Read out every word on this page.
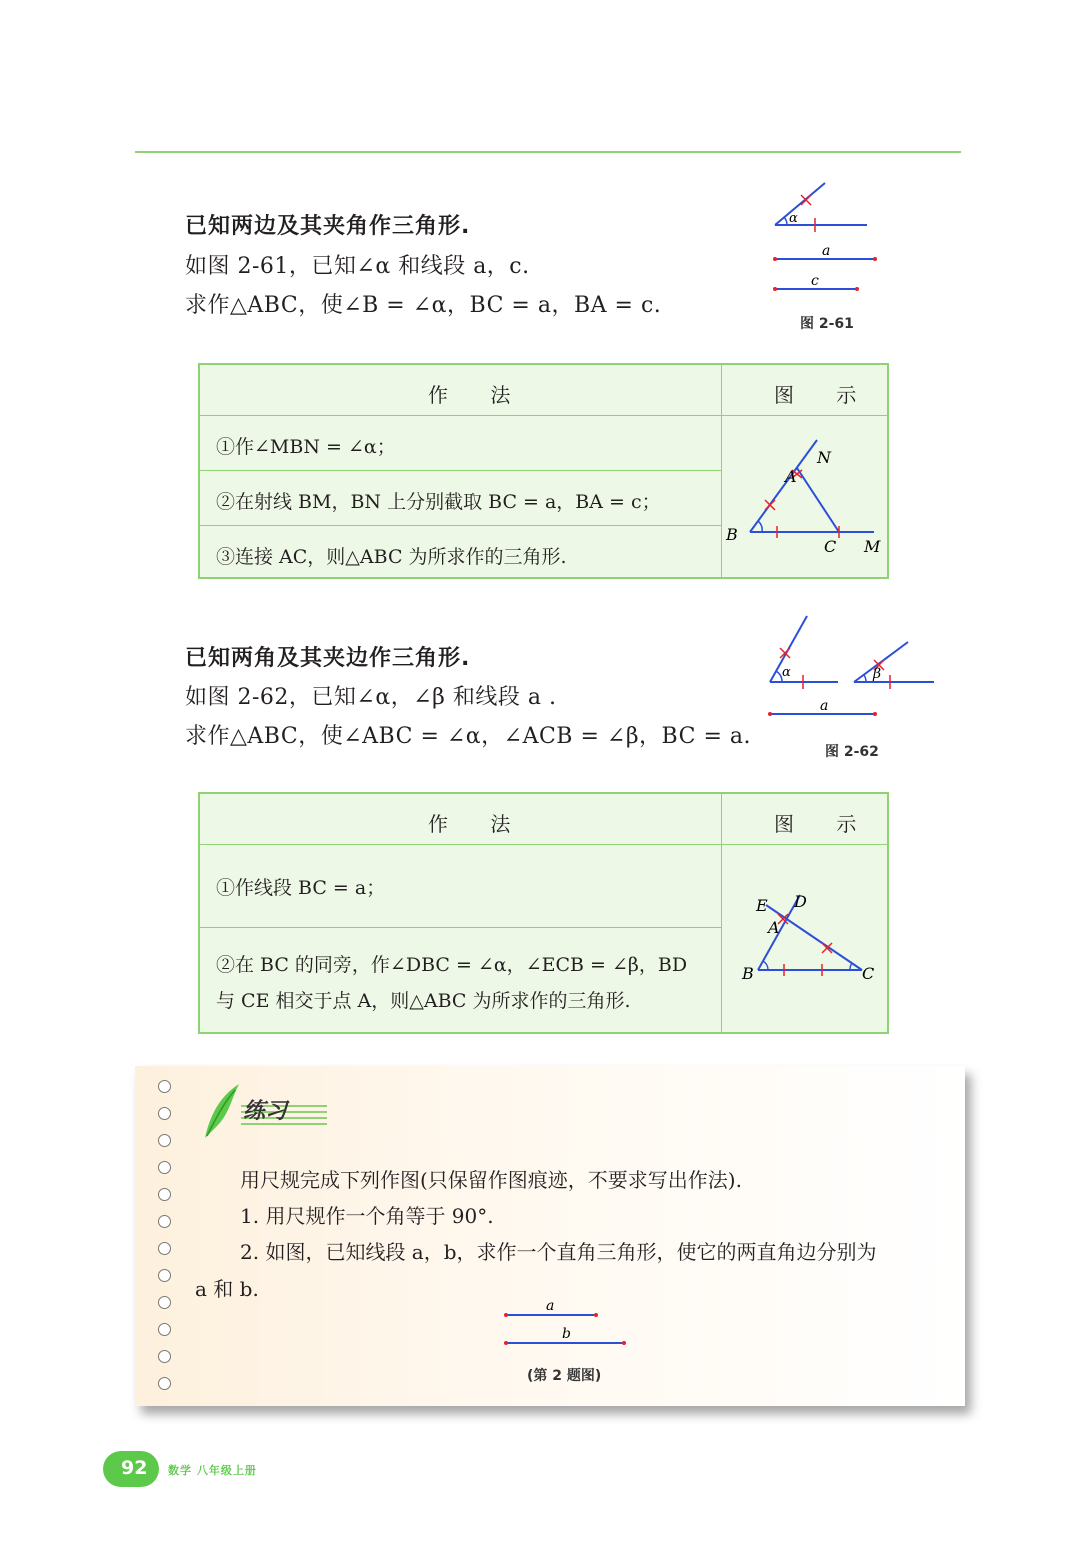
已知两边及其夹角作三角形.
如图 2-61，已知∠α 和线段 a，c.
求作△ABC，使∠B = ∠α，BC = a，BA = c.
α
a
c
图 2-61
作 法	图 示
①作∠MBN = ∠α；
②在射线 BM，BN 上分别截取 BC = a，BA = c；
③连接 AC，则△ABC 为所求作的三角形.
A
N
B
C M
已知两角及其夹边作三角形.
如图 2-62，已知∠α，∠β 和线段 a .
求作△ABC，使∠ABC = ∠α，∠ACB = ∠β，BC = a.
α	β
a
图 2-62
作 法	图 示
①作线段 BC = a；
②在 BC 的同旁，作∠DBC = ∠α，∠ECB = ∠β，BD
与 CE 相交于点 A，则△ABC 为所求作的三角形.
E D
A
B	C
练习
用尺规完成下列作图(只保留作图痕迹，不要求写出作法).
1. 用尺规作一个角等于 90°.
2. 如图，已知线段 a，b，求作一个直角三角形，使它的两直角边分别为
a 和 b.
a
b
(第 2 题图)
92 数学 八年级上册
